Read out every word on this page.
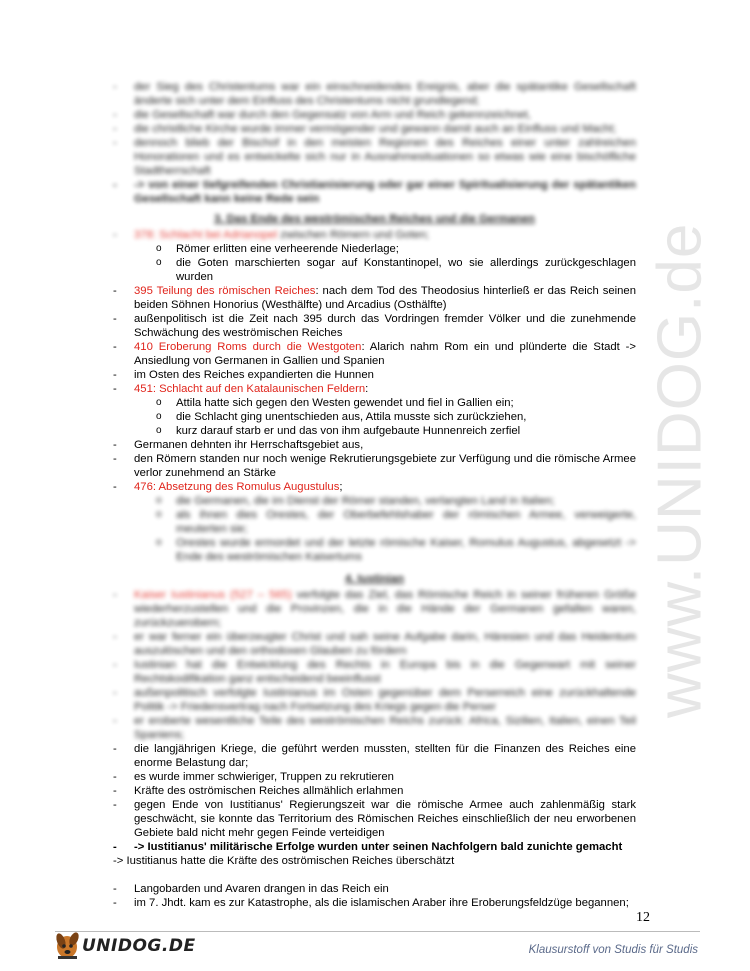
www.UNIDOG.de
-	der Sieg des Christentums war ein einschneidendes Ereignis, aber die spätantike Gesellschaft änderte sich unter dem Einfluss des Christentums nicht grundlegend;
-	die Gesellschaft war durch den Gegensatz von Arm und Reich gekennzeichnet,
-	die christliche Kirche wurde immer vermögender und gewann damit auch an Einfluss und Macht;
-	dennoch blieb der Bischof in den meisten Regionen des Reiches einer unter zahlreichen Honoratioren und es entwickelte sich nur in Ausnahmesituationen so etwas wie eine bischöfliche Stadtherrschaft
-	-> von einer tiefgreifenden Christianisierung oder gar einer Spiritualisierung der spätantiken Gesellschaft kann keine Rede sein
3. Das Ende des weströmischen Reiches und die Germanen
-	378: Schlacht bei Adrianopel zwischen Römern und Goten;
o	Römer erlitten eine verheerende Niederlage;
o	die Goten marschierten sogar auf Konstantinopel, wo sie allerdings zurückgeschlagen wurden
-	395 Teilung des römischen Reiches: nach dem Tod des Theodosius hinterließ er das Reich seinen beiden Söhnen Honorius (Westhälfte) und Arcadius (Osthälfte)
-	außenpolitisch ist die Zeit nach 395 durch das Vordringen fremder Völker und die zunehmende Schwächung des weströmischen Reiches
-	410 Eroberung Roms durch die Westgoten: Alarich nahm Rom ein und plünderte die Stadt -> Ansiedlung von Germanen in Gallien und Spanien
-	im Osten des Reiches expandierten die Hunnen
-	451: Schlacht auf den Katalaunischen Feldern:
o	Attila hatte sich gegen den Westen gewendet und fiel in Gallien ein;
o	die Schlacht ging unentschieden aus, Attila musste sich zurückziehen,
o	kurz darauf starb er und das von ihm aufgebaute Hunnenreich zerfiel
-	Germanen dehnten ihr Herrschaftsgebiet aus,
-	den Römern standen nur noch wenige Rekrutierungsgebiete zur Verfügung und die römische Armee verlor zunehmend an Stärke
-	476: Absetzung des Romulus Augustulus;
o	die Germanen, die im Dienst der Römer standen, verlangten Land in Italien;
o	als ihnen dies Orestes, der Oberbefehlshaber der römischen Armee, verweigerte, meuterten sie;
o	Orestes wurde ermordet und der letzte römische Kaiser, Romulus Augustus, abgesetzt -> Ende des weströmischen Kaisertums
4. Iustinian
-	Kaiser Iustinianus (527 – 565) verfolgte das Ziel, das Römische Reich in seiner früheren Größe wiederherzustellen und die Provinzen, die in die Hände der Germanen gefallen waren, zurückzuerobern;
-	er war ferner ein überzeugter Christ und sah seine Aufgabe darin, Häresien und das Heidentum auszulöschen und den orthodoxen Glauben zu fördern
-	Iustinian hat die Entwicklung des Rechts in Europa bis in die Gegenwart mit seiner Rechtskodifikation ganz entscheidend beeinflusst
-	außenpolitisch verfolgte Iustinianus im Osten gegenüber dem Perserreich eine zurückhaltende Politik -> Friedensvertrag nach Fortsetzung des Kriegs gegen die Perser
-	er eroberte wesentliche Teile des weströmischen Reichs zurück: Africa, Sizilien, Italien, einen Teil Spaniens;
-	die langjährigen Kriege, die geführt werden mussten, stellten für die Finanzen des Reiches eine enorme Belastung dar;
-	es wurde immer schwieriger, Truppen zu rekrutieren
-	Kräfte des oströmischen Reiches allmählich erlahmen
-	gegen Ende von Iustitianus' Regierungszeit war die römische Armee auch zahlenmäßig stark geschwächt, sie konnte das Territorium des Römischen Reiches einschließlich der neu erworbenen Gebiete bald nicht mehr gegen Feinde verteidigen
-	-> Iustitianus' militärische Erfolge wurden unter seinen Nachfolgern bald zunichte gemacht
-> Iustitianus hatte die Kräfte des oströmischen Reiches überschätzt
-	Langobarden und Avaren drangen in das Reich ein
-	im 7. Jhdt. kam es zur Katastrophe, als die islamischen Araber ihre Eroberungsfeldzüge begannen;
12
UNIDOG.DE	Klausurstoff von Studis für Studis
